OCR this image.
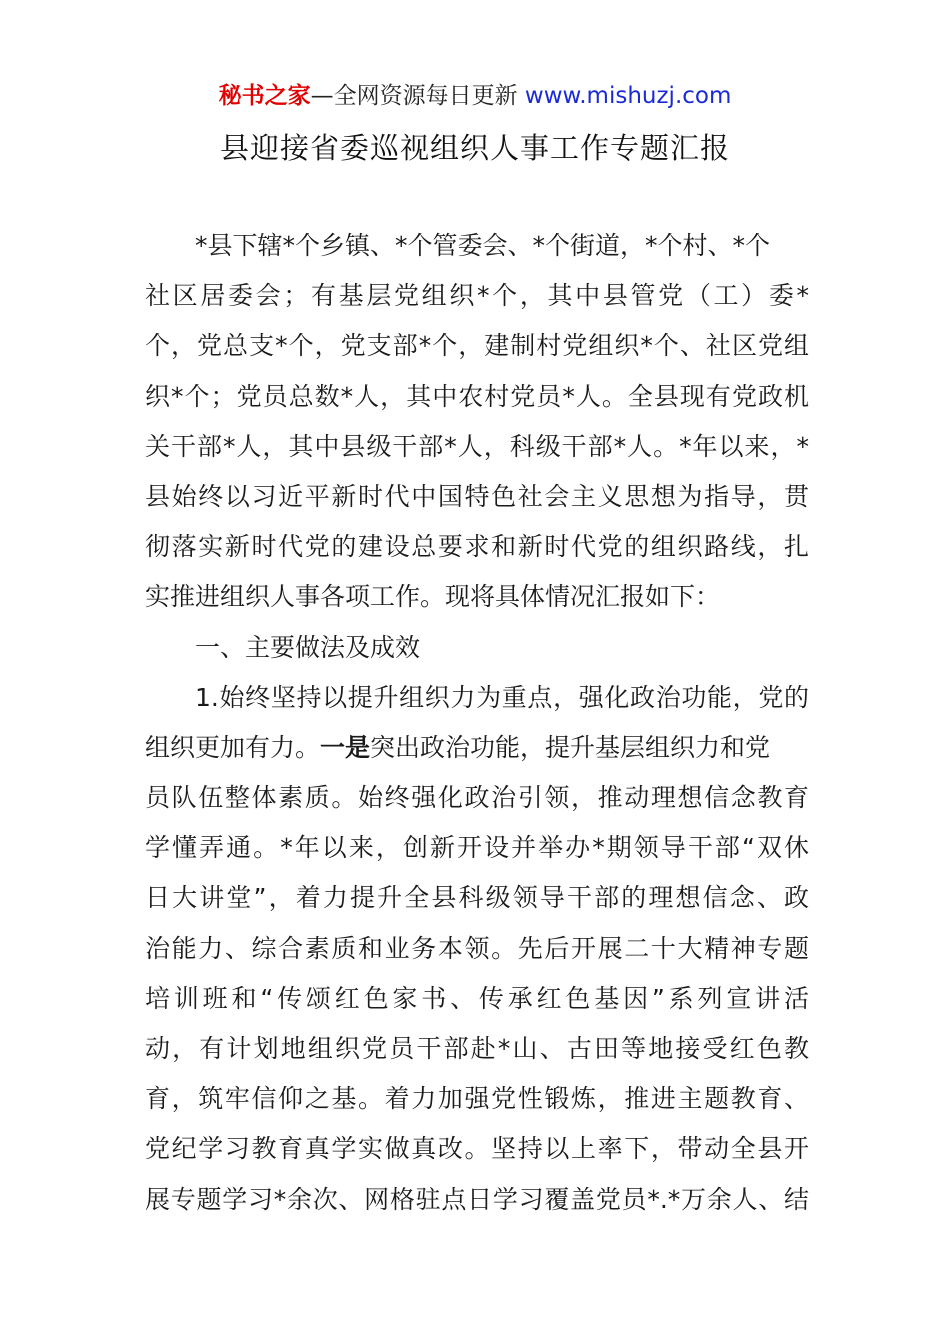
秘书之家—全网资源每日更新 www.mishuzj.com
县迎接省委巡视组织人事工作专题汇报
*县下辖*个乡镇、*个管委会、*个街道，*个村、*个
社区居委会；有基层党组织*个，其中县管党（工）委*
个，党总支*个，党支部*个，建制村党组织*个、社区党组
织*个；党员总数*人，其中农村党员*人。全县现有党政机
关干部*人，其中县级干部*人，科级干部*人。*年以来，*
县始终以习近平新时代中国特色社会主义思想为指导，贯
彻落实新时代党的建设总要求和新时代党的组织路线，扎
实推进组织人事各项工作。现将具体情况汇报如下：
一、主要做法及成效
1.始终坚持以提升组织力为重点，强化政治功能，党的
组织更加有力。一是突出政治功能，提升基层组织力和党
员队伍整体素质。始终强化政治引领，推动理想信念教育
学懂弄通。*年以来，创新开设并举办*期领导干部“双休
日大讲堂”，着力提升全县科级领导干部的理想信念、政
治能力、综合素质和业务本领。先后开展二十大精神专题
培训班和“传颂红色家书、传承红色基因”系列宣讲活
动，有计划地组织党员干部赴*山、古田等地接受红色教
育，筑牢信仰之基。着力加强党性锻炼，推进主题教育、
党纪学习教育真学实做真改。坚持以上率下，带动全县开
展专题学习*余次、网格驻点日学习覆盖党员*.*万余人、结
